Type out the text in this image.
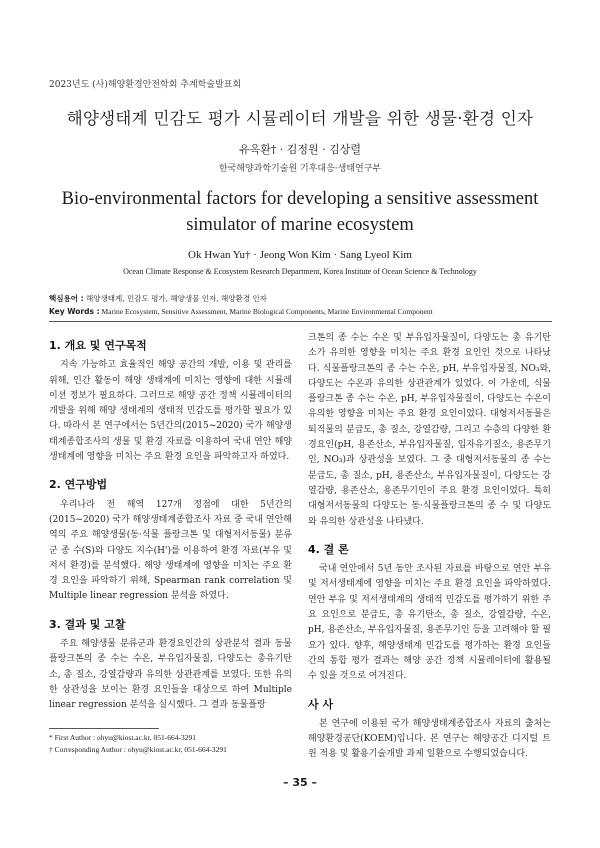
2023년도 (사)해양환경안전학회 추계학술발표회
해양생태계 민감도 평가 시뮬레이터 개발을 위한 생물·환경 인자
유옥환† · 김정원 · 김상렬
한국해양과학기술원 기후대응·생태연구부
Bio-environmental factors for developing a sensitive assessment simulator of marine ecosystem
Ok Hwan Yu† · Jeong Won Kim · Sang Lyeol Kim
Ocean Climate Response & Ecosystem Research Department, Korea Institute of Ocean Science & Technology
핵심용어 : 해양생태계, 민감도 평가, 해양생물 인자, 해양환경 인자
Key Words : Marine Ecosystem, Sensitive Assessment, Marine Biological Components, Marine Environmental Component
1. 개요 및 연구목적

지속 가능하고 효율적인 해양 공간의 개발, 이용 및 관리를 위해, 인간 활동이 해양 생태계에 미치는 영향에 대한 시뮬레이션 정보가 필요하다. 그러므로 해양 공간 정책 시뮬레이터의 개발을 위해 해양 생태계의 생태적 민감도를 평가할 필요가 있다. 따라서 본 연구에서는 5년간의(2015~2020) 국가 해양생태계종합조사의 생물 및 환경 자료를 이용하여 국내 연안 해양 생태계에 영향을 미치는 주요 환경 요인을 파악하고자 하였다.

2. 연구방법

우리나라 전 해역 127개 정점에 대한 5년간의(2015~2020) 국가 해양생태계종합조사 자료 중 국내 연안해역의 주요 해양생물(동·식물 플랑크톤 및 대형저서동물) 분류군 종 수(S)와 다양도 지수(H')를 이용하여 환경 자료(부유 및 저서 환경)를 분석했다. 해양 생태계에 영향을 미치는 주요 환경 요인을 파악하기 위해, Spearman rank correlation 및 Multiple linear regression 분석을 하였다.

3. 결과 및 고찰

주요 해양생물 분류군과 환경요인간의 상관분석 결과 동물플랑크톤의 종 수는 수온, 부유입자물질, 다양도는 총유기탄소, 총 질소, 강열감량과 유의한 상관관계를 보였다. 또한 유의한 상관성을 보이는 환경 요인들을 대상으로 하여 Multiple linear regression 분석을 실시했다. 그 결과 동물플랑

크톤의 종 수는 수온 및 부유입자물질이, 다양도는 총 유기탄소가 유의한 영향을 미치는 주요 환경 요인인 것으로 나타났다. 식물플랑크톤의 종 수는 수온, pH, 부유입자물질, NO₃와, 다양도는 수온과 유의한 상관관계가 있었다. 이 가운데, 식물플랑크톤 종 수는 수온, pH, 부유입자물질이, 다양도는 수온이 유의한 영향을 미치는 주요 환경 요인이었다. 대형저서동물은 퇴적물의 분급도, 총 질소, 강열감량, 그리고 수층의 다양한 환경요인(pH, 용존산소, 부유입자물질, 입자유기질소, 용존무기인, NO₃)과 상관성을 보였다. 그 중 대형저서동물의 종 수는 분급도, 총 질소, pH, 용존산소, 부유입자물질이, 다양도는 강열감량, 용존산소, 용존무기인이 주요 환경 요인이었다. 특히 대형저서동물의 다양도는 동·식물플랑크톤의 종 수 및 다양도와 유의한 상관성을 나타냈다.

4. 결 론

국내 연안에서 5년 동안 조사된 자료를 바탕으로 연안 부유 및 저서생태계에 영향을 미치는 주요 환경 요인을 파악하였다. 연안 부유 및 저서생태계의 생태적 민감도를 평가하기 위한 주요 요인으로 분급도, 총 유기탄소, 총 질소, 강열감량, 수온, pH, 용존산소, 부유입자물질, 용존무기인 등을 고려해야 할 필요가 있다. 향후, 해양생태계 민감도를 평가하는 환경 요인들 간의 통합 평가 결과는 해양 공간 정책 시뮬레이터에 활용될 수 있을 것으로 여겨진다.

사 사

본 연구에 이용된 국가 해양생태계종합조사 자료의 출처는 해양환경공단(KOEM)입니다. 본 연구는 해양공간 디지털 트윈 적용 및 활용기술개발 과제 일환으로 수행되었습니다.

* First Author : ohyu@kiost.ac.kr, 051-664-3291
† Corresponding Author : ohyu@kiost.ac.kr, 051-664-3291
– 35 –
